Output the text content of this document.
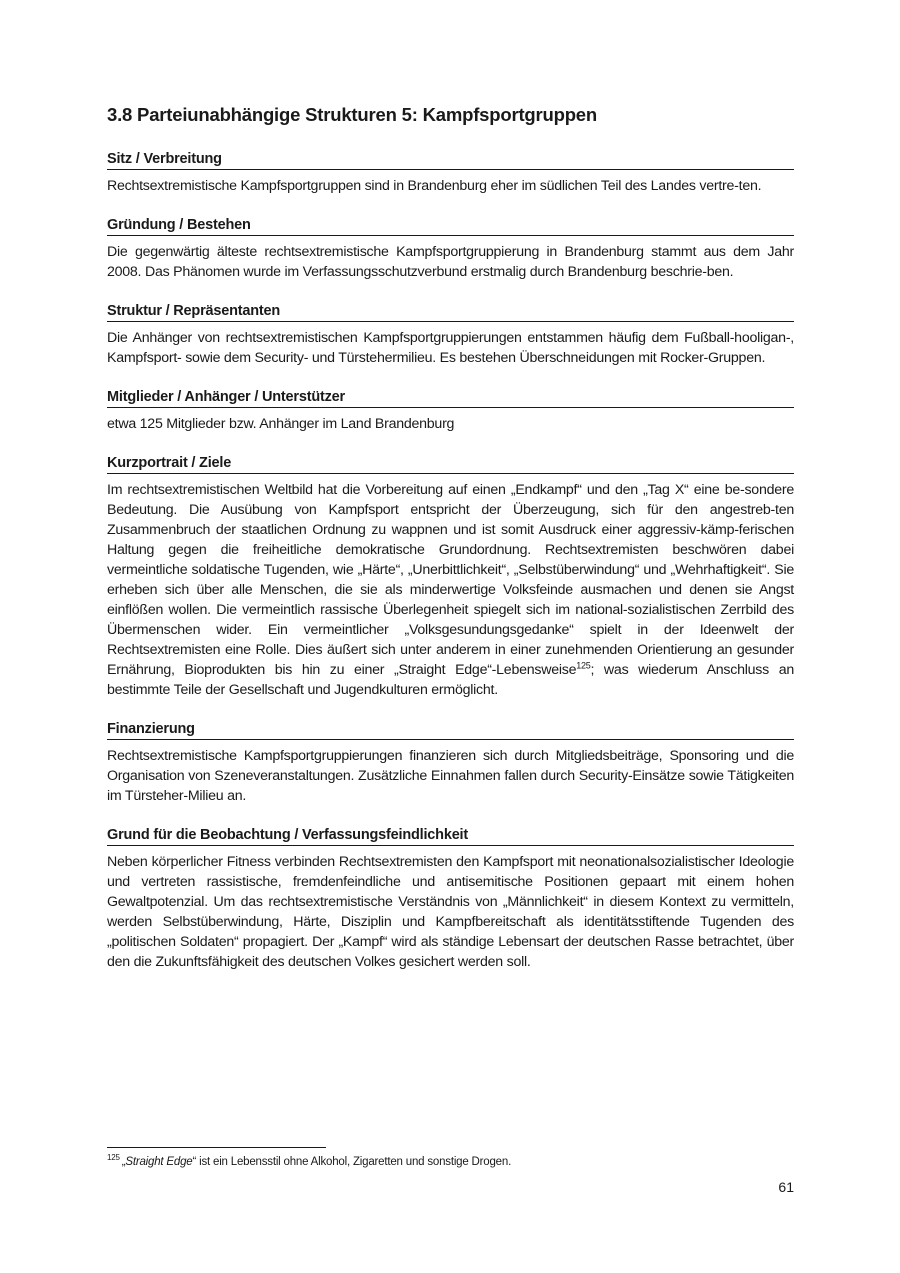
3.8 Parteiunabhängige Strukturen 5: Kampfsportgruppen
Sitz / Verbreitung

Rechtsextremistische Kampfsportgruppen sind in Brandenburg eher im südlichen Teil des Landes vertre-ten.

Gründung / Bestehen

Die gegenwärtig älteste rechtsextremistische Kampfsportgruppierung in Brandenburg stammt aus dem Jahr 2008. Das Phänomen wurde im Verfassungsschutzverbund erstmalig durch Brandenburg beschrie-ben.

Struktur / Repräsentanten

Die Anhänger von rechtsextremistischen Kampfsportgruppierungen entstammen häufig dem Fußball-hooligan-, Kampfsport- sowie dem Security- und Türstehermilieu. Es bestehen Überschneidungen mit Rocker-Gruppen.

Mitglieder / Anhänger / Unterstützer

etwa 125 Mitglieder bzw. Anhänger im Land Brandenburg

Kurzportrait / Ziele

Im rechtsextremistischen Weltbild hat die Vorbereitung auf einen „Endkampf“ und den „Tag X“ eine be-sondere Bedeutung. Die Ausübung von Kampfsport entspricht der Überzeugung, sich für den angestreb-ten Zusammenbruch der staatlichen Ordnung zu wappnen und ist somit Ausdruck einer aggressiv-kämp-ferischen Haltung gegen die freiheitliche demokratische Grundordnung. Rechtsextremisten beschwören dabei vermeintliche soldatische Tugenden, wie „Härte“, „Unerbittlichkeit“, „Selbstüberwindung“ und „Wehrhaftigkeit“. Sie erheben sich über alle Menschen, die sie als minderwertige Volksfeinde ausmachen und denen sie Angst einflößen wollen. Die vermeintlich rassische Überlegenheit spiegelt sich im national-sozialistischen Zerrbild des Übermenschen wider. Ein vermeintlicher „Volksgesundungsgedanke“ spielt in der Ideenwelt der Rechtsextremisten eine Rolle. Dies äußert sich unter anderem in einer zunehmenden Orientierung an gesunder Ernährung, Bioprodukten bis hin zu einer „Straight Edge“-Lebensweise$^{125}$; was wiederum Anschluss an bestimmte Teile der Gesellschaft und Jugendkulturen ermöglicht.

Finanzierung

Rechtsextremistische Kampfsportgruppierungen finanzieren sich durch Mitgliedsbeiträge, Sponsoring und die Organisation von Szeneveranstaltungen. Zusätzliche Einnahmen fallen durch Security-Einsätze sowie Tätigkeiten im Türsteher-Milieu an.

Grund für die Beobachtung / Verfassungsfeindlichkeit

Neben körperlicher Fitness verbinden Rechtsextremisten den Kampfsport mit neonationalsozialistischer Ideologie und vertreten rassistische, fremdenfeindliche und antisemitische Positionen gepaart mit einem hohen Gewaltpotenzial. Um das rechtsextremistische Verständnis von „Männlichkeit“ in diesem Kontext zu vermitteln, werden Selbstüberwindung, Härte, Disziplin und Kampfbereitschaft als identitätsstiftende Tugenden des „politischen Soldaten“ propagiert. Der „Kampf“ wird als ständige Lebensart der deutschen Rasse betrachtet, über den die Zukunftsfähigkeit des deutschen Volkes gesichert werden soll.

$^{125}$ „Straight Edge“ ist ein Lebensstil ohne Alkohol, Zigaretten und sonstige Drogen.
61
